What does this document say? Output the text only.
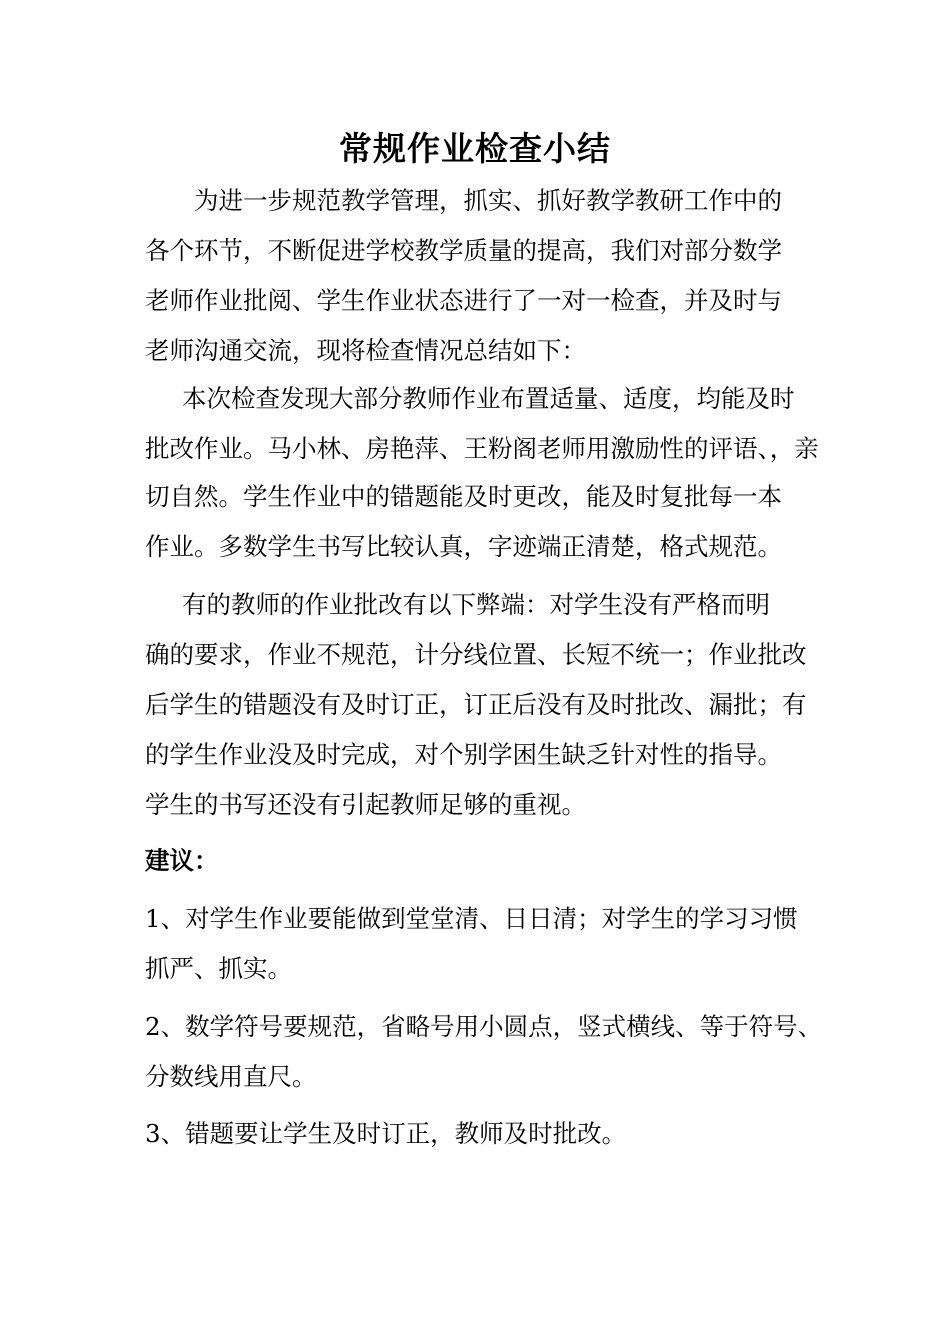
常规作业检查小结
为进一步规范教学管理，抓实、抓好教学教研工作中的
各个环节，不断促进学校教学质量的提高，我们对部分数学
老师作业批阅、学生作业状态进行了一对一检查，并及时与
老师沟通交流，现将检查情况总结如下：
本次检查发现大部分教师作业布置适量、适度，均能及时
批改作业。马小林、房艳萍、王粉阁老师用激励性的评语、，亲
切自然。学生作业中的错题能及时更改，能及时复批每一本
作业。多数学生书写比较认真，字迹端正清楚，格式规范。
有的教师的作业批改有以下弊端：对学生没有严格而明
确的要求，作业不规范，计分线位置、长短不统一；作业批改
后学生的错题没有及时订正，订正后没有及时批改、漏批；有
的学生作业没及时完成，对个别学困生缺乏针对性的指导。
学生的书写还没有引起教师足够的重视。
建议：
1、对学生作业要能做到堂堂清、日日清；对学生的学习习惯
抓严、抓实。
2、数学符号要规范，省略号用小圆点，竖式横线、等于符号、
分数线用直尺。
3、错题要让学生及时订正，教师及时批改。
